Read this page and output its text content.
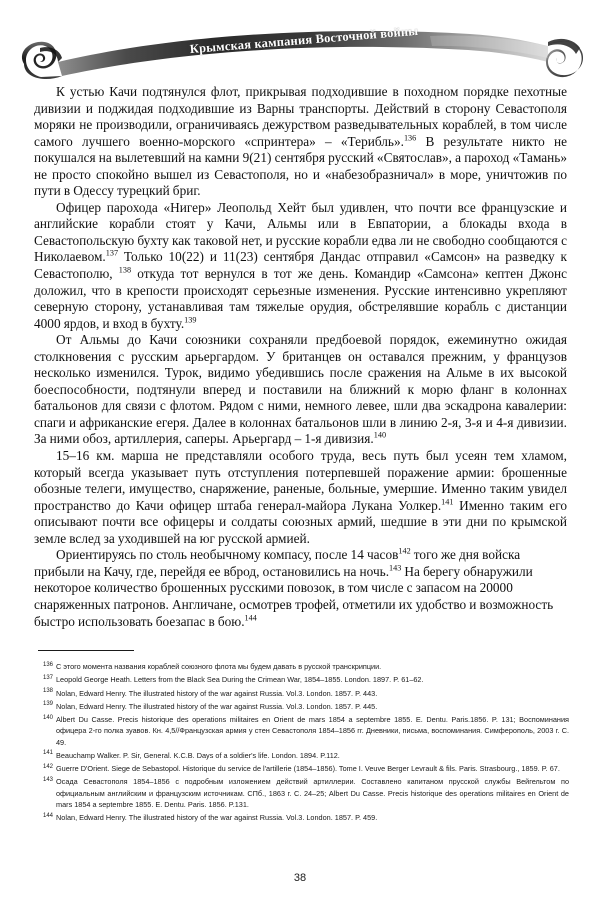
Крымская кампания Восточной войны

К устью Качи подтянулся флот, прикрывая подходившие в походном порядке пехотные дивизии и поджидая подходившие из Варны транспорты. Действий в сторону Севастополя моряки не производили, ограничиваясь дежурством разведывательных кораблей, в том числе самого лучшего военно-морского «спринтера» – «Терибль».$^{136}$ В результате никто не покушался на вылетевший на камни 9(21) сентября русский «Святослав», а пароход «Тамань» не просто спокойно вышел из Севастополя, но и «набезобразничал» в море, уничтожив по пути в Одессу турецкий бриг.

Офицер парохода «Нигер» Леопольд Хейт был удивлен, что почти все французские и английские корабли стоят у Качи, Альмы или в Евпатории, а блокады входа в Севастопольскую бухту как таковой нет, и русские корабли едва ли не свободно сообщаются с Николаевом.$^{137}$ Только 10(22) и 11(23) сентября Дандас отправил «Самсон» на разведку к Севастополю, $^{138}$ откуда тот вернулся в тот же день. Командир «Самсона» кептен Джонс доложил, что в крепости происходят серьезные изменения. Русские интенсивно укрепляют северную сторону, устанавливая там тяжелые орудия, обстрелявшие корабль с дистанции 4000 ярдов, и вход в бухту.$^{139}$

От Альмы до Качи союзники сохраняли предбоевой порядок, ежеминутно ожидая столкновения с русским арьергардом. У британцев он оставался прежним, у французов несколько изменился. Турок, видимо убедившись после сражения на Альме в их высокой боеспособности, подтянули вперед и поставили на ближний к морю фланг в колоннах батальонов для связи с флотом. Рядом с ними, немного левее, шли два эскадрона кавалерии: спаги и африканские егеря. Далее в колоннах батальонов шли в линию 2-я, 3-я и 4-я дивизии. За ними обоз, артиллерия, саперы. Арьергард – 1-я дивизия.$^{140}$

15–16 км. марша не представляли особого труда, весь путь был усеян тем хламом, который всегда указывает путь отступления потерпевшей поражение армии: брошенные обозные телеги, имущество, снаряжение, раненые, больные, умершие. Именно таким увидел пространство до Качи офицер штаба генерал-майора Лукана Уолкер.$^{141}$ Именно таким его описывают почти все офицеры и солдаты союзных армий, шедшие в эти дни по крымской земле вслед за уходившей на юг русской армией.

Ориентируясь по столь необычному компасу, после 14 часов$^{142}$ того же дня войска прибыли на Качу, где, перейдя ее вброд, остановились на ночь.$^{143}$ На берегу обнаружили некоторое количество брошенных русскими повозок, в том числе с запасом на 20000 снаряженных патронов. Англичане, осмотрев трофей, отметили их удобство и возможность быстро использовать боезапас в бою.$^{144}$

136 С этого момента названия кораблей союзного флота мы будем давать в русской транскрипции.
137 Leopold George Heath. Letters from the Black Sea During the Crimean War, 1854–1855. London. 1897. P. 61–62.
138 Nolan, Edward Henry. The illustrated history of the war against Russia. Vol.3. London. 1857. P. 443.
139 Nolan, Edward Henry. The illustrated history of the war against Russia. Vol.3. London. 1857. P. 445.
140 Albert Du Casse. Precis historique des operations militaires en Orient de mars 1854 a septembre 1855. E. Dentu. Paris.1856. P. 131; Воспоминания офицера 2-го полка зуавов. Кн. 4,5//Французская армия у стен Севастополя 1854–1856 гг. Дневники, письма, воспоминания. Симферополь, 2003 г. С. 49.
141 Beauchamp Walker. P. Sir, General. K.C.B. Days of a soldier's life. London. 1894. P.112.
142 Guerre D'Orient. Siege de Sebastopol. Historique du service de l'artillerie (1854–1856). Tome I. Veuve Berger Levrault & fils. Paris. Strasbourg., 1859. P. 67.
143 Осада Севастополя 1854–1856 с подробным изложением действий артиллерии. Составлено капитаном прусской службы Вейгельтом по официальным английским и французским источникам. СПб., 1863 г. С. 24–25; Albert Du Casse. Precis historique des operations militaires en Orient de mars 1854 a septembre 1855. E. Dentu. Paris. 1856. P.131.
144 Nolan, Edward Henry. The illustrated history of the war against Russia. Vol.3. London. 1857. P. 459.
38
